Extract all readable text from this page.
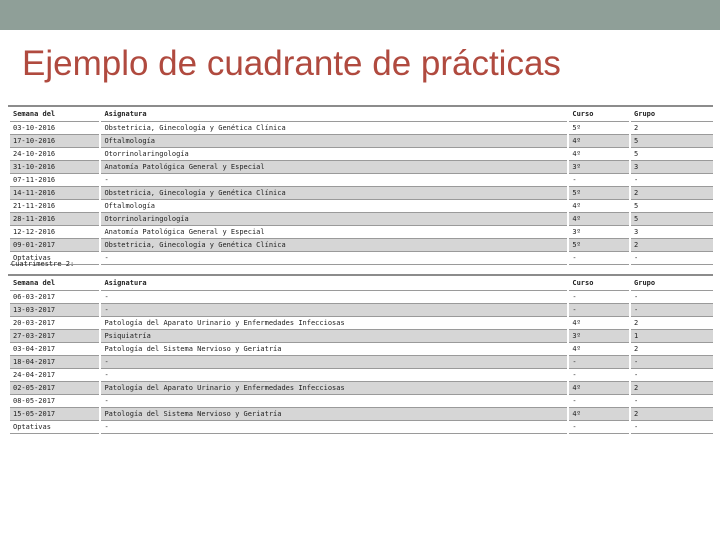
Ejemplo de cuadrante de prácticas
Semana del	Asignatura	Curso	Grupo
03-10-2016	Obstetricia, Ginecología y Genética Clínica	5º	2
17-10-2016	Oftalmología	4º	5
24-10-2016	Otorrinolaringología	4º	5
31-10-2016	Anatomía Patológica General y Especial	3º	3
07-11-2016	-	-	-
14-11-2016	Obstetricia, Ginecología y Genética Clínica	5º	2
21-11-2016	Oftalmología	4º	5
28-11-2016	Otorrinolaringología	4º	5
12-12-2016	Anatomía Patológica General y Especial	3º	3
09-01-2017	Obstetricia, Ginecología y Genética Clínica	5º	2
Optativas	-	-	-
Cuatrimestre 2:
Semana del	Asignatura	Curso	Grupo
06-03-2017	-	-	-
13-03-2017	-	-	-
20-03-2017	Patología del Aparato Urinario y Enfermedades Infecciosas	4º	2
27-03-2017	Psiquiatría	3º	1
03-04-2017	Patología del Sistema Nervioso y Geriatría	4º	2
18-04-2017	-	-	-
24-04-2017	-	-	-
02-05-2017	Patología del Aparato Urinario y Enfermedades Infecciosas	4º	2
08-05-2017	-	-	-
15-05-2017	Patología del Sistema Nervioso y Geriatría	4º	2
Optativas	-	-	-
